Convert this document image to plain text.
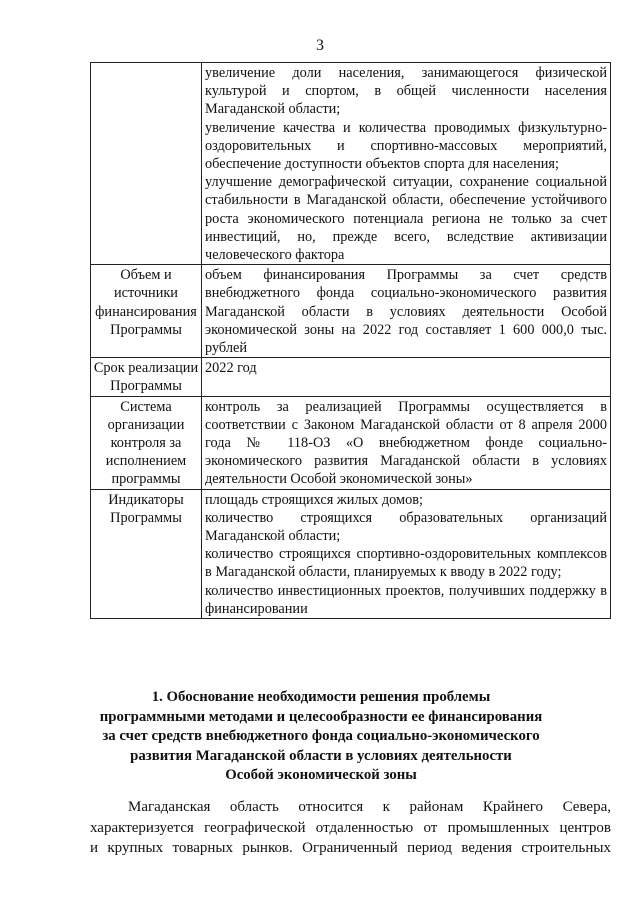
3

	увеличение доли населения, занимающегося физической культурой и спортом, в общей численности населения Магаданской области;
увеличение качества и количества проводимых физкультурно-оздоровительных и спортивно-массовых мероприятий, обеспечение доступности объектов спорта для населения;
улучшение демографической ситуации, сохранение социальной стабильности в Магаданской области, обеспечение устойчивого роста экономического потенциала региона не только за счет инвестиций, но, прежде всего, вследствие активизации человеческого фактора

Объем и источники финансирования Программы	объем финансирования Программы за счет средств внебюджетного фонда социально-экономического развития Магаданской области в условиях деятельности Особой экономической зоны на 2022 год составляет 1 600 000,0 тыс. рублей

Срок реализации Программы	2022 год

Система организации контроля за исполнением программы	контроль за реализацией Программы осуществляется в соответствии с Законом Магаданской области от 8 апреля 2000 года № 118-ОЗ «О внебюджетном фонде социально-экономического развития Магаданской области в условиях деятельности Особой экономической зоны»

Индикаторы Программы	площадь строящихся жилых домов;
количество строящихся образовательных организаций Магаданской области;
количество строящихся спортивно-оздоровительных комплексов в Магаданской области, планируемых к вводу в 2022 году;
количество инвестиционных проектов, получивших поддержку в финансировании
1. Обоснование необходимости решения проблемы
программными методами и целесообразности ее финансирования
за счет средств внебюджетного фонда социально-экономического
развития Магаданской области в условиях деятельности
Особой экономической зоны
Магаданская область относится к районам Крайнего Севера,
характеризуется географической отдаленностью от промышленных центров
и крупных товарных рынков. Ограниченный период ведения строительных
